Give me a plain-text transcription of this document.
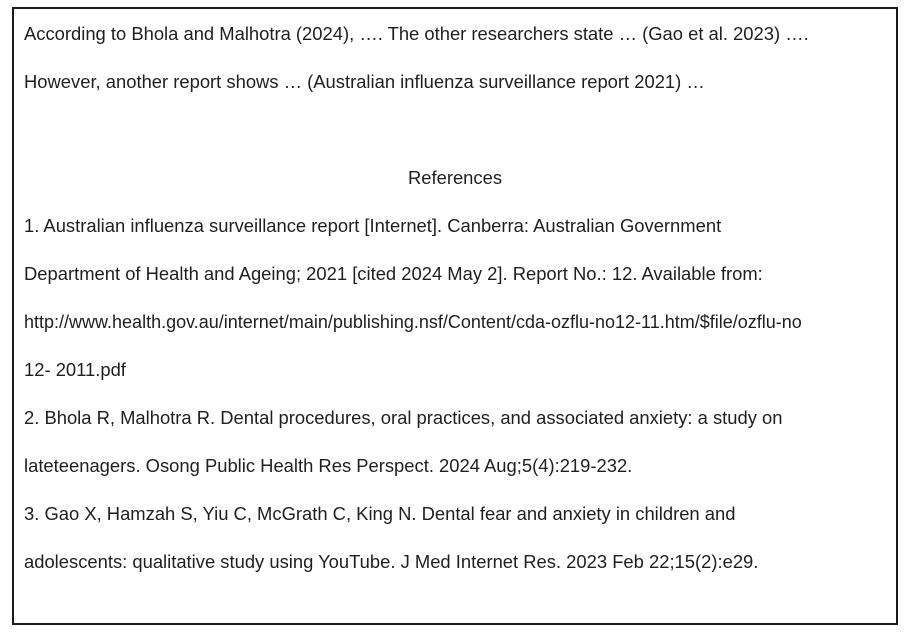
According to Bhola and Malhotra (2024), …. The other researchers state … (Gao et al. 2023) ….
However, another report shows … (Australian influenza surveillance report 2021) …
References
1. Australian influenza surveillance report [Internet]. Canberra: Australian Government
Department of Health and Ageing; 2021 [cited 2024 May 2]. Report No.: 12. Available from:
http://www.health.gov.au/internet/main/publishing.nsf/Content/cda-ozflu-no12-11.htm/$file/ozflu-no
12- 2011.pdf
2. Bhola R, Malhotra R. Dental procedures, oral practices, and associated anxiety: a study on
lateteenagers. Osong Public Health Res Perspect. 2024 Aug;5(4):219-232.
3. Gao X, Hamzah S, Yiu C, McGrath C, King N. Dental fear and anxiety in children and
adolescents: qualitative study using YouTube. J Med Internet Res. 2023 Feb 22;15(2):e29.
